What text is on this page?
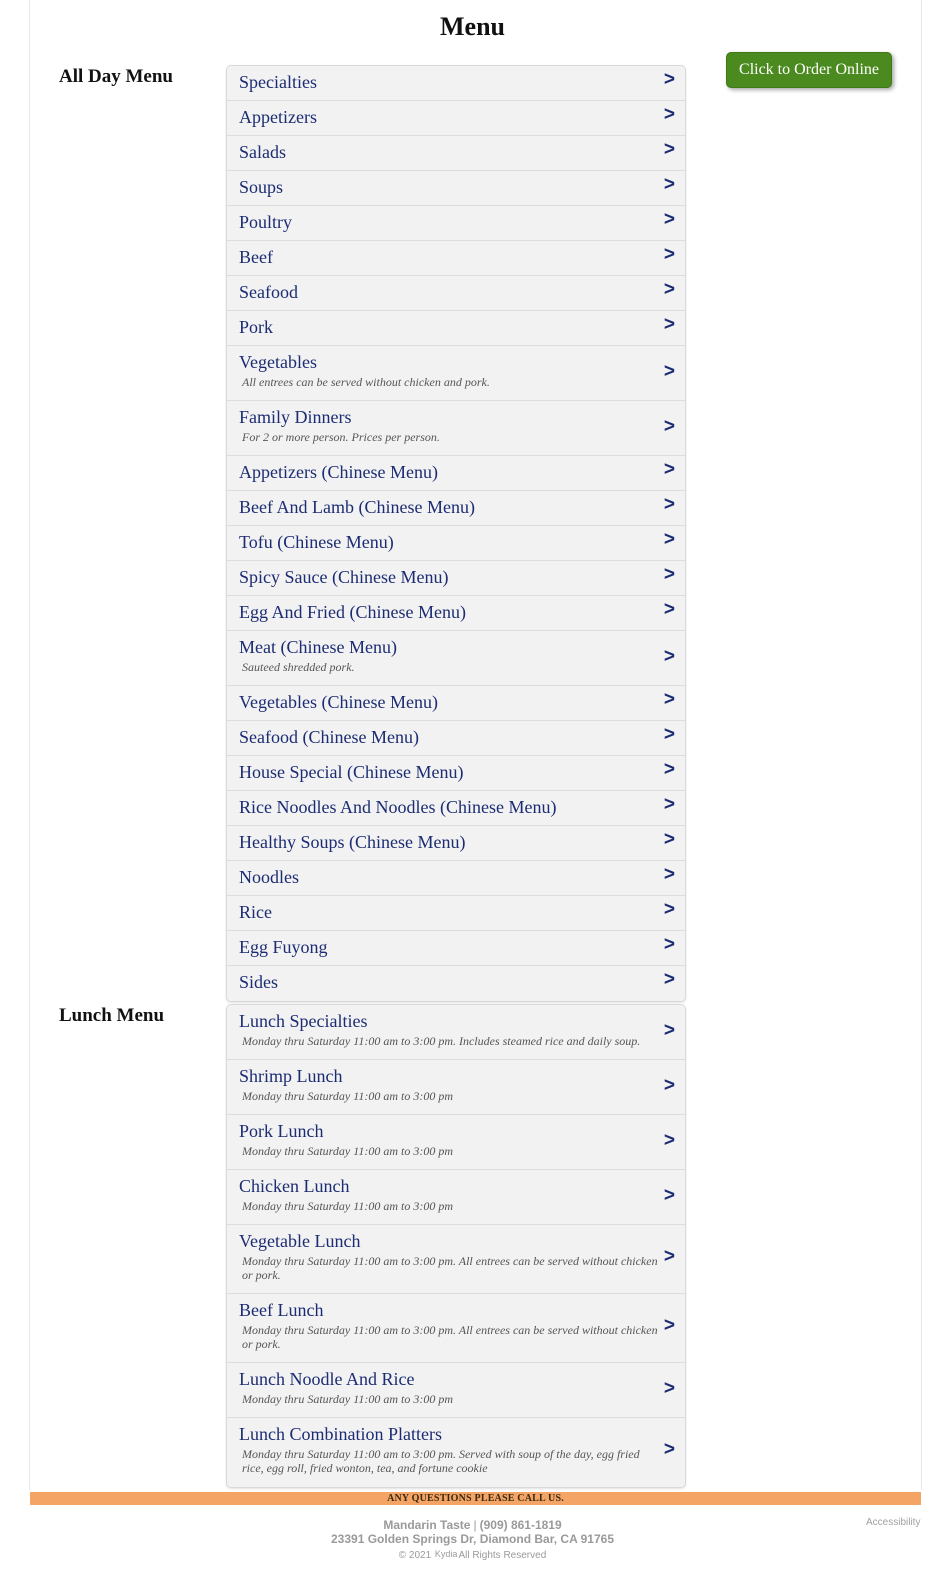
Menu
Click to Order Online
All Day Menu	Specialties	>
Appetizers	>
Salads	>
Soups	>
Poultry	>
Beef	>
Seafood	>
Pork	>
Vegetables
All entrees can be served without chicken and pork.	>
Family Dinners
For 2 or more person. Prices per person.	>
Appetizers (Chinese Menu)	>
Beef And Lamb (Chinese Menu)	>
Tofu (Chinese Menu)	>
Spicy Sauce (Chinese Menu)	>
Egg And Fried (Chinese Menu)	>
Meat (Chinese Menu)
Sauteed shredded pork.	>
Vegetables (Chinese Menu)	>
Seafood (Chinese Menu)	>
House Special (Chinese Menu)	>
Rice Noodles And Noodles (Chinese Menu)	>
Healthy Soups (Chinese Menu)	>
Noodles	>
Rice	>
Egg Fuyong	>
Sides	>
Lunch Menu	Lunch Specialties
Monday thru Saturday 11:00 am to 3:00 pm. Includes steamed rice and daily soup.	>
Shrimp Lunch
Monday thru Saturday 11:00 am to 3:00 pm	>
Pork Lunch
Monday thru Saturday 11:00 am to 3:00 pm	>
Chicken Lunch
Monday thru Saturday 11:00 am to 3:00 pm	>
Vegetable Lunch
Monday thru Saturday 11:00 am to 3:00 pm. All entrees can be served without chicken or pork.
>
Beef Lunch
Monday thru Saturday 11:00 am to 3:00 pm. All entrees can be served without chicken or pork.
>
Lunch Noodle And Rice
Monday thru Saturday 11:00 am to 3:00 pm	>
Lunch Combination Platters
Monday thru Saturday 11:00 am to 3:00 pm. Served with soup of the day, egg fried rice, egg roll, fried wonton, tea, and fortune cookie
>
ANY QUESTIONS PLEASE CALL US.
Mandarin Taste | (909) 861-1819
23391 Golden Springs Dr, Diamond Bar, CA 91765
© 2021 KydiaAll Rights Reserved
Accessibility
